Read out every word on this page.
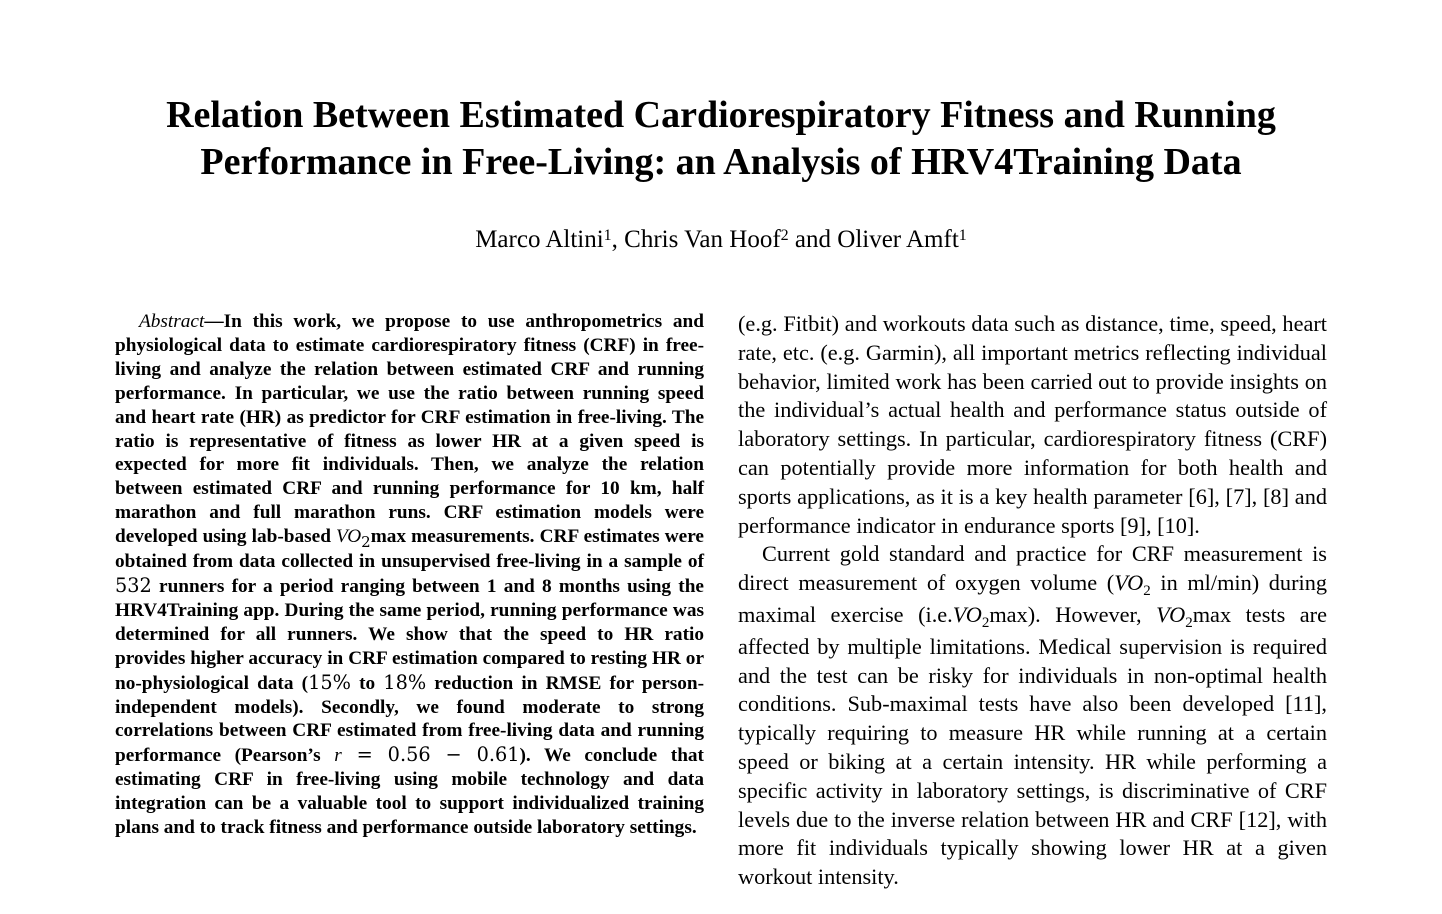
Relation Between Estimated Cardiorespiratory Fitness and Running
Performance in Free-Living: an Analysis of HRV4Training Data
Marco Altini$^1$, Chris Van Hoof$^2$ and Oliver Amft$^1$

Abstract—In this work, we propose to use anthropometrics and physiological data to estimate cardiorespiratory fitness (CRF) in free-living and analyze the relation between estimated CRF and running performance. In particular, we use the ratio between running speed and heart rate (HR) as predictor for CRF estimation in free-living. The ratio is representative of fitness as lower HR at a given speed is expected for more fit individuals. Then, we analyze the relation between estimated CRF and running performance for 10 km, half marathon and full marathon runs. CRF estimation models were developed using lab-based $VO_2\max$ measurements. CRF estimates were obtained from data collected in unsupervised free-living in a sample of 532 runners for a period ranging between 1 and 8 months using the HRV4Training app. During the same period, running performance was determined for all runners. We show that the speed to HR ratio provides higher accuracy in CRF estimation compared to resting HR or no-physiological data (15% to 18% reduction in RMSE for person-independent models). Secondly, we found moderate to strong correlations between CRF estimated from free-living data and running performance (Pearson’s r = 0.56 − 0.61). We conclude that estimating CRF in free-living using mobile technology and data integration can be a valuable tool to support individualized training plans and to track fitness and performance outside laboratory settings.

(e.g. Fitbit) and workouts data such as distance, time, speed, heart rate, etc. (e.g. Garmin), all important metrics reflecting individual behavior, limited work has been carried out to provide insights on the individual’s actual health and performance status outside of laboratory settings. In particular, cardiorespiratory fitness (CRF) can potentially provide more information for both health and sports applications, as it is a key health parameter [6], [7], [8] and performance indicator in endurance sports [9], [10].

Current gold standard and practice for CRF measurement is direct measurement of oxygen volume ($VO_2$ in ml/min) during maximal exercise $(i.e.VO_2\max)$. However, $VO_2\max$ tests are affected by multiple limitations. Medical supervision is required and the test can be risky for individuals in non-optimal health conditions. Sub-maximal tests have also been developed [11], typically requiring to measure HR while running at a certain speed or biking at a certain intensity. HR while performing a specific activity in laboratory settings, is discriminative of CRF levels due to the inverse relation between HR and CRF [12], with more fit individuals typically showing lower HR at a given workout intensity.
